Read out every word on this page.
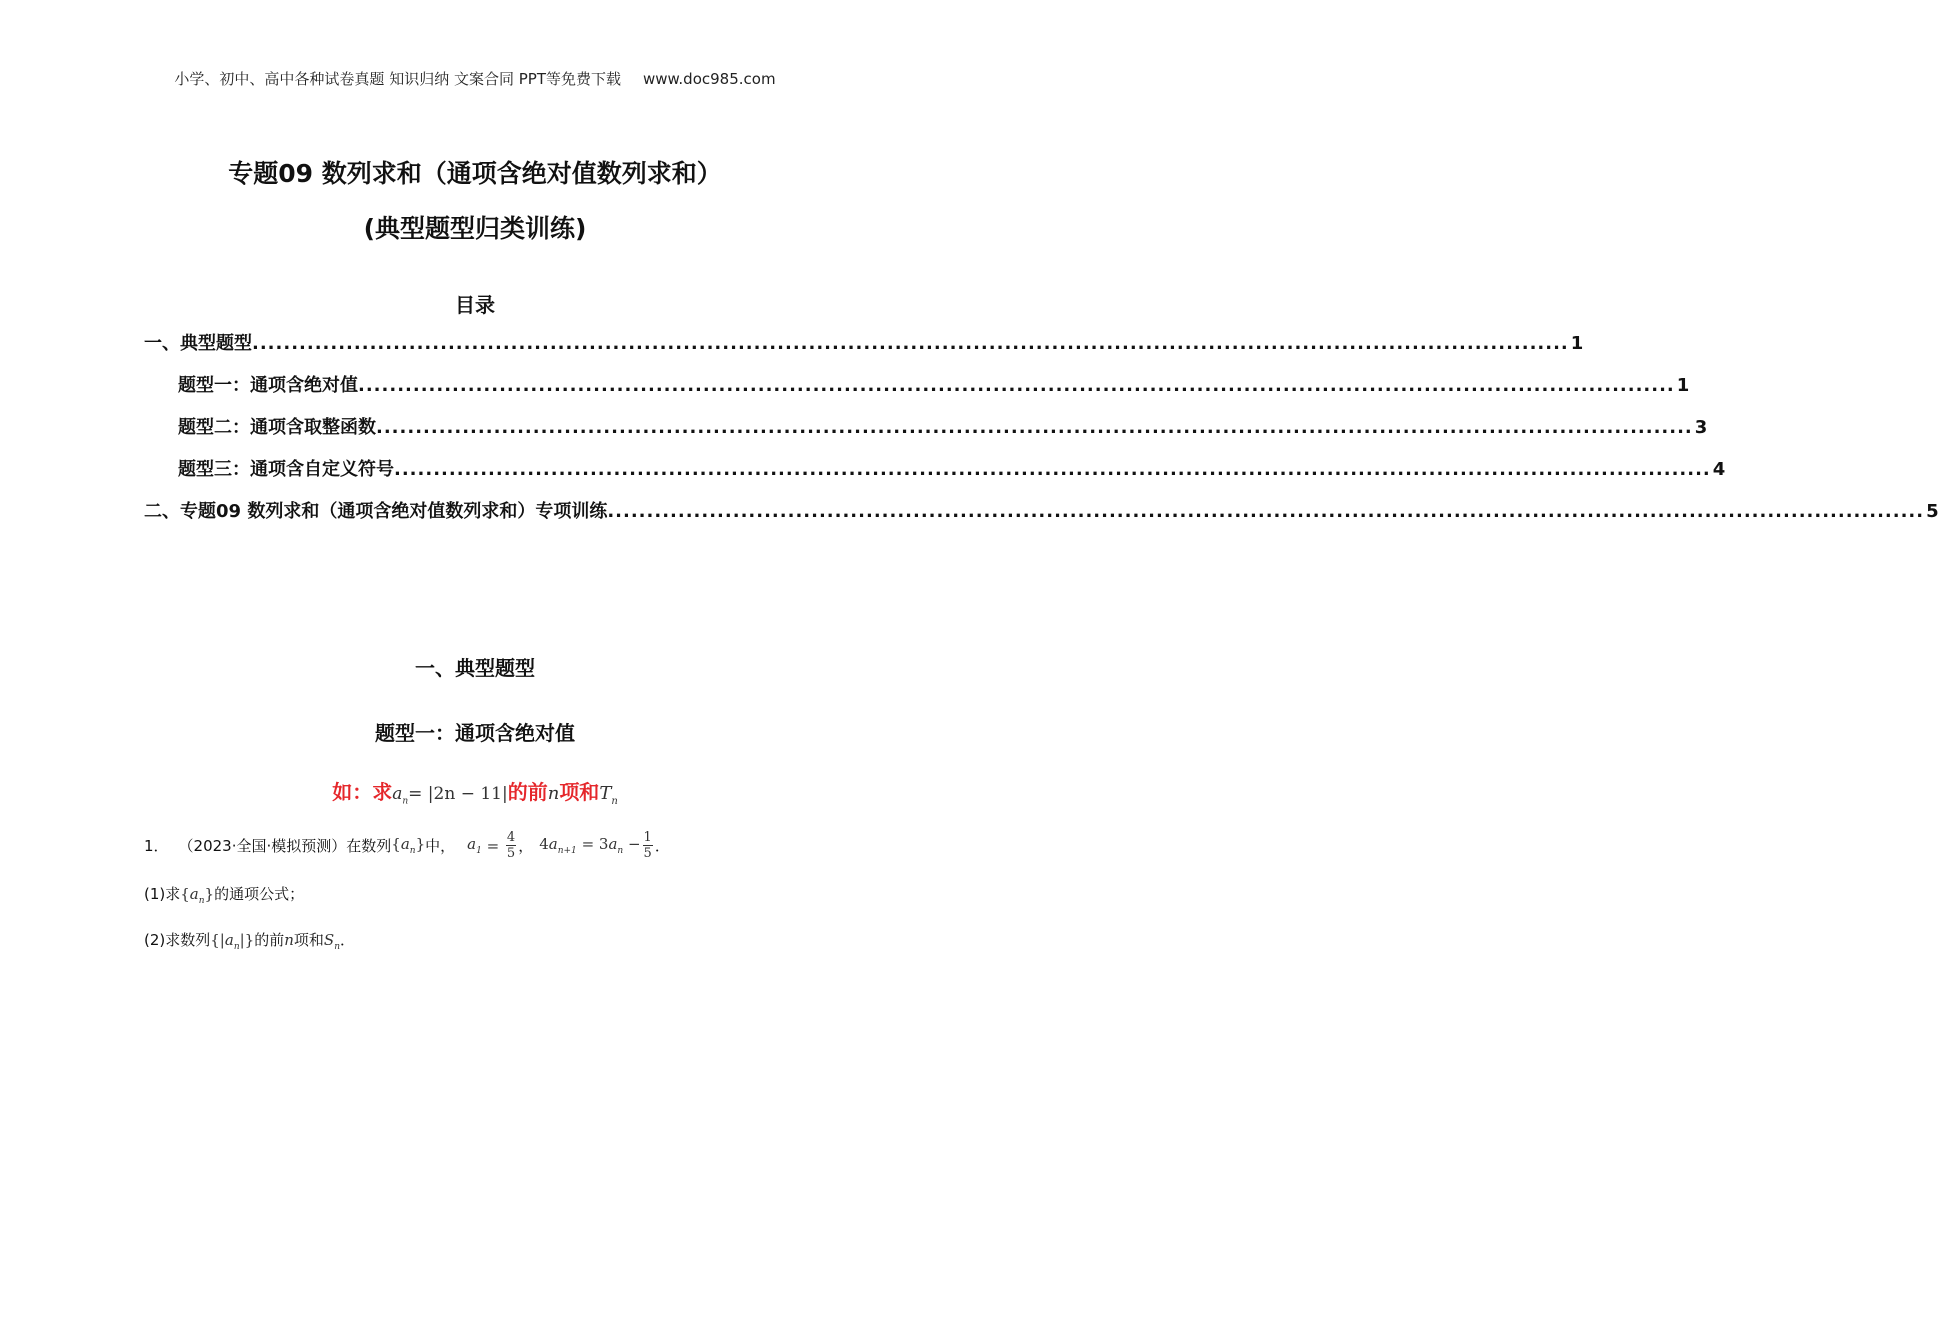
小学、初中、高中各种试卷真题 知识归纳 文案合同 PPT等免费下载 www.doc985.com
专题09 数列求和（通项含绝对值数列求和）
(典型题型归类训练)
目录
一、典型题型 ........................................................................................................................................................................ 1
题型一：通项含绝对值 ........................................................................................................................................................................ 1
题型二：通项含取整函数 ........................................................................................................................................................................ 3
题型三：通项含自定义符号 ........................................................................................................................................................................ 4
二、专题09 数列求和（通项含绝对值数列求和）专项训练 ........................................................................................................................................................................ 5
一、典型题型
题型一：通项含绝对值
如：求$a_n= |2n - 11|$的前n项和$T_n$
1． （2023·全国·模拟预测）在数列 $\{a_n\}$ 中， $a_1 = \frac{4}{5}$ ， $4a_{n+1} = 3a_n - \frac{1}{5}$ ．
(1)求$\{a_n\}$的通项公式；
(2)求数列$\{|a_n|\}$的前n项和$S_n$．
